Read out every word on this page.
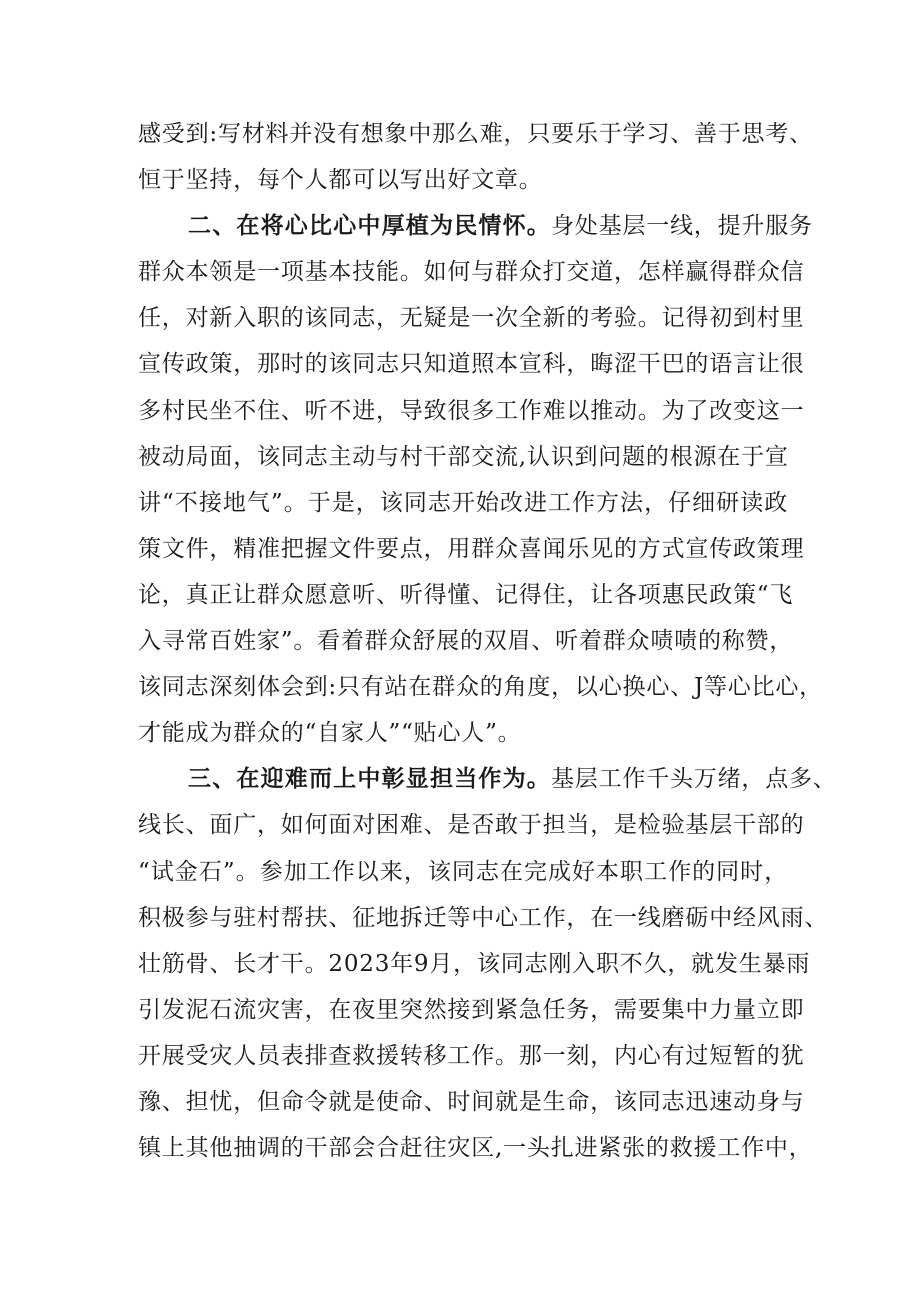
感受到:写材料并没有想象中那么难，只要乐于学习、善于思考、
恒于坚持，每个人都可以写出好文章。
二、在将心比心中厚植为民情怀。身处基层一线，提升服务
群众本领是一项基本技能。如何与群众打交道，怎样赢得群众信
任，对新入职的该同志，无疑是一次全新的考验。记得初到村里
宣传政策，那时的该同志只知道照本宣科，晦涩干巴的语言让很
多村民坐不住、听不进，导致很多工作难以推动。为了改变这一
被动局面，该同志主动与村干部交流,认识到问题的根源在于宣
讲“不接地气”。于是，该同志开始改进工作方法，仔细研读政
策文件，精准把握文件要点，用群众喜闻乐见的方式宣传政策理
论，真正让群众愿意听、听得懂、记得住，让各项惠民政策“飞
入寻常百姓家”。看着群众舒展的双眉、听着群众啧啧的称赞，
该同志深刻体会到:只有站在群众的角度，以心换心、J等心比心，
才能成为群众的“自家人”“贴心人”。
三、在迎难而上中彰显担当作为。基层工作千头万绪，点多、
线长、面广，如何面对困难、是否敢于担当，是检验基层干部的
“试金石”。参加工作以来，该同志在完成好本职工作的同时，
积极参与驻村帮扶、征地拆迁等中心工作，在一线磨砺中经风雨、
壮筋骨、长才干。2023年9月，该同志刚入职不久，就发生暴雨
引发泥石流灾害，在夜里突然接到紧急任务，需要集中力量立即
开展受灾人员表排查救援转移工作。那一刻，内心有过短暂的犹
豫、担忧，但命令就是使命、时间就是生命，该同志迅速动身与
镇上其他抽调的干部会合赶往灾区,一头扎进紧张的救援工作中，
